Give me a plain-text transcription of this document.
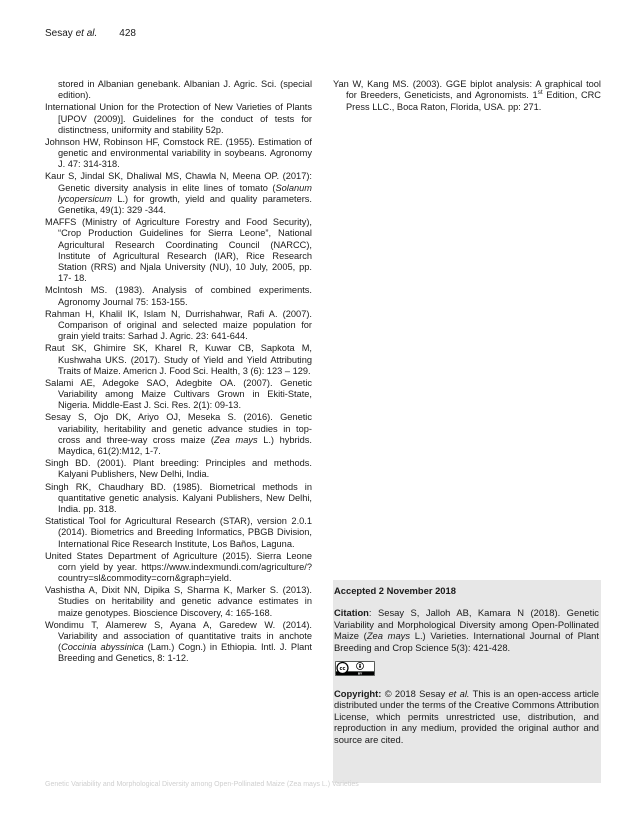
Sesay et al. 428
stored in Albanian genebank. Albanian J. Agric. Sci. (special edition).
International Union for the Protection of New Varieties of Plants [UPOV (2009)]. Guidelines for the conduct of tests for distinctness, uniformity and stability 52p.
Johnson HW, Robinson HF, Comstock RE. (1955). Estimation of genetic and environmental variability in soybeans. Agronomy J. 47: 314-318.
Kaur S, Jindal SK, Dhaliwal MS, Chawla N, Meena OP. (2017): Genetic diversity analysis in elite lines of tomato (Solanum lycopersicum L.) for growth, yield and quality parameters. Genetika, 49(1): 329 -344.
MAFFS (Ministry of Agriculture Forestry and Food Security), “Crop Production Guidelines for Sierra Leone”, National Agricultural Research Coordinating Council (NARCC), Institute of Agricultural Research (IAR), Rice Research Station (RRS) and Njala University (NU), 10 July, 2005, pp. 17- 18.
McIntosh MS. (1983). Analysis of combined experiments. Agronomy Journal 75: 153-155.
Rahman H, Khalil IK, Islam N, Durrishahwar, Rafi A. (2007). Comparison of original and selected maize population for grain yield traits: Sarhad J. Agric. 23: 641-644.
Raut SK, Ghimire SK, Kharel R, Kuwar CB, Sapkota M, Kushwaha UKS. (2017). Study of Yield and Yield Attributing Traits of Maize. Americn J. Food Sci. Health, 3 (6): 123 – 129.
Salami AE, Adegoke SAO, Adegbite OA. (2007). Genetic Variability among Maize Cultivars Grown in Ekiti-State, Nigeria. Middle-East J. Sci. Res. 2(1): 09-13.
Sesay S, Ojo DK, Ariyo OJ, Meseka S. (2016). Genetic variability, heritability and genetic advance studies in top-cross and three-way cross maize (Zea mays L.) hybrids. Maydica, 61(2):M12, 1-7.
Singh BD. (2001). Plant breeding: Principles and methods. Kalyani Publishers, New Delhi, India.
Singh RK, Chaudhary BD. (1985). Biometrical methods in quantitative genetic analysis. Kalyani Publishers, New Delhi, India. pp. 318.
Statistical Tool for Agricultural Research (STAR), version 2.0.1 (2014). Biometrics and Breeding Informatics, PBGB Division, International Rice Research Institute, Los Baños, Laguna.
United States Department of Agriculture (2015). Sierra Leone corn yield by year. https://www.indexmundi.com/agriculture/?country=sl&commodity=corn&graph=yield.
Vashistha A, Dixit NN, Dipika S, Sharma K, Marker S. (2013). Studies on heritability and genetic advance estimates in maize genotypes. Bioscience Discovery, 4: 165-168.
Wondimu T, Alamerew S, Ayana A, Garedew W. (2014). Variability and association of quantitative traits in anchote (Coccinia abyssinica (Lam.) Cogn.) in Ethiopia. Intl. J. Plant Breeding and Genetics, 8: 1-12.
Yan W, Kang MS. (2003). GGE biplot analysis: A graphical tool for Breeders, Geneticists, and Agronomists. 1st Edition, CRC Press LLC., Boca Raton, Florida, USA. pp: 271.
Accepted 2 November 2018
Citation: Sesay S, Jalloh AB, Kamara N (2018). Genetic Variability and Morphological Diversity among Open-Pollinated Maize (Zea mays L.) Varieties. International Journal of Plant Breeding and Crop Science 5(3): 421-428.
cc
BY
Copyright: © 2018 Sesay et al. This is an open-access article distributed under the terms of the Creative Commons Attribution License, which permits unrestricted use, distribution, and reproduction in any medium, provided the original author and source are cited.
Genetic Variability and Morphological Diversity among Open-Pollinated Maize (Zea mays L.) Varieties
